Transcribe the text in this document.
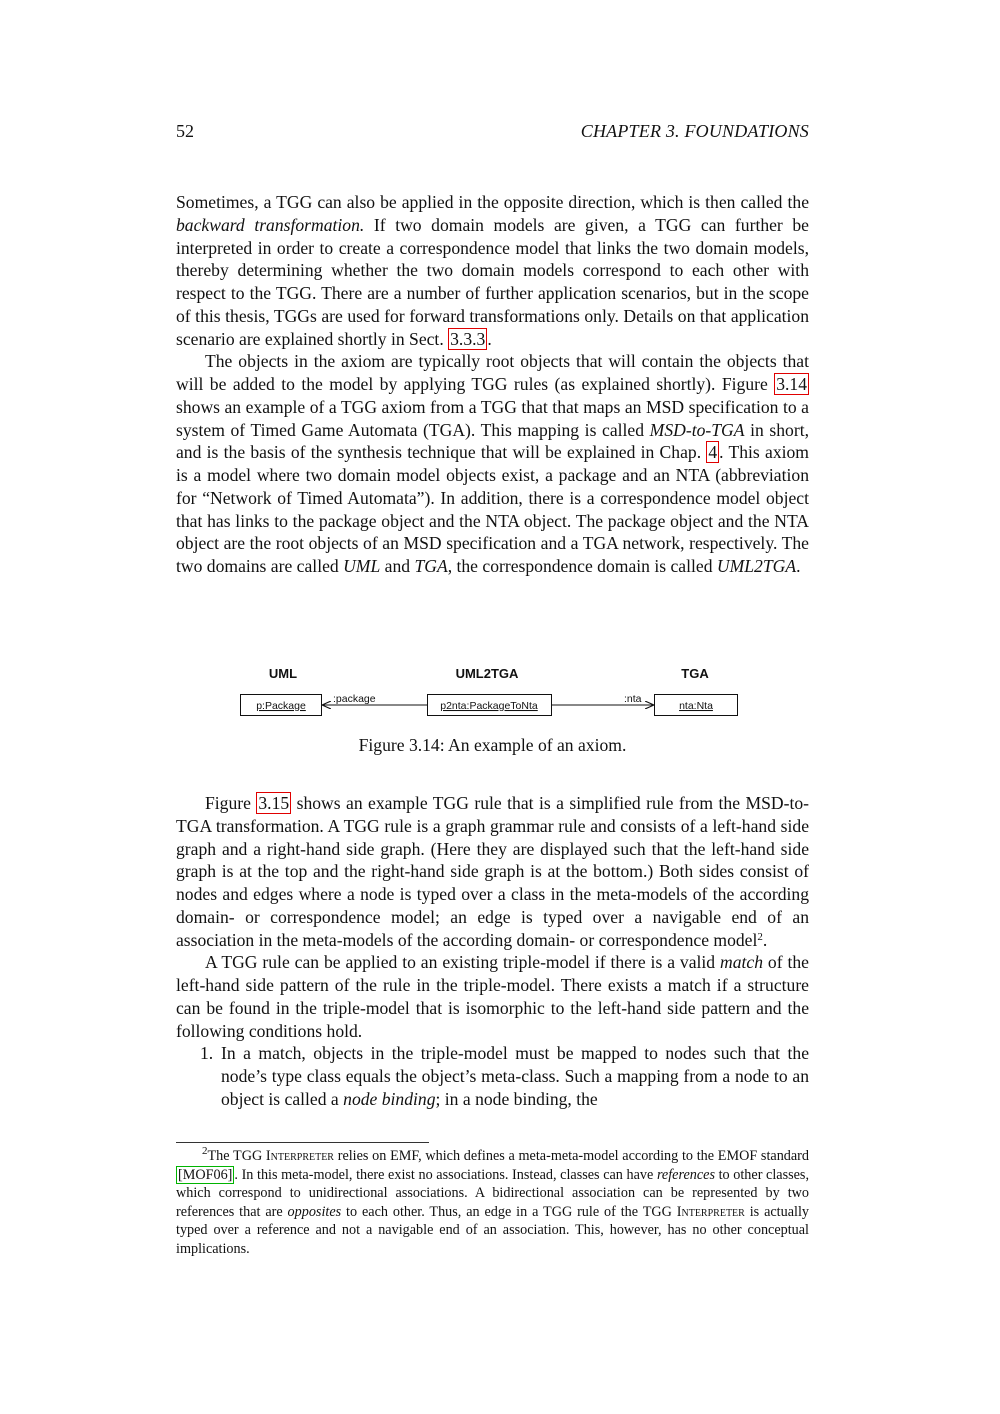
52	CHAPTER 3. FOUNDATIONS

Sometimes, a TGG can also be applied in the opposite direction, which is then called the backward transformation. If two domain models are given, a TGG can further be interpreted in order to create a correspondence model that links the two domain models, thereby determining whether the two domain models correspond to each other with respect to the TGG. There are a number of further application scenarios, but in the scope of this thesis, TGGs are used for forward transformations only. Details on that application scenario are explained shortly in Sect. 3.3.3 .

The objects in the axiom are typically root objects that will contain the objects that will be added to the model by applying TGG rules (as explained shortly). Figure 3.14 shows an example of a TGG axiom from a TGG that that maps an MSD specification to a system of Timed Game Automata (TGA). This mapping is called MSD-to-TGA in short, and is the basis of the synthesis technique that will be explained in Chap. 4 . This axiom is a model where two domain model objects exist, a package and an NTA (abbreviation for “Network of Timed Automata”). In addition, there is a correspondence model object that has links to the package object and the NTA object. The package object and the NTA object are the root objects of an MSD specification and a TGA network, respectively. The two domains are called UML and TGA, the correspondence domain is called UML2TGA.

UML	UML2TGA	TGA
p:Package	p2nta:PackageToNta	nta:Nta
:package	:nta
Figure 3.14: An example of an axiom.

Figure 3.15 shows an example TGG rule that is a simplified rule from the MSD-to-TGA transformation. A TGG rule is a graph grammar rule and consists of a left-hand side graph and a right-hand side graph. (Here they are displayed such that the left-hand side graph is at the top and the right-hand side graph is at the bottom.) Both sides consist of nodes and edges where a node is typed over a class in the meta-models of the according domain- or correspondence model; an edge is typed over a navigable end of an association in the meta-models of the according domain- or correspondence model$^2$.

A TGG rule can be applied to an existing triple-model if there is a valid match of the left-hand side pattern of the rule in the triple-model. There exists a match if a structure can be found in the triple-model that is isomorphic to the left-hand side pattern and the following conditions hold.

1. In a match, objects in the triple-model must be mapped to nodes such that the node’s type class equals the object’s meta-class. Such a mapping from a node to an object is called a node binding; in a node binding, the

$^2$The TGG Interpreter relies on EMF, which defines a meta-meta-model according to the EMOF standard [MOF06] . In this meta-model, there exist no associations. Instead, classes can have references to other classes, which correspond to unidirectional associations. A bidirectional association can be represented by two references that are opposites to each other. Thus, an edge in a TGG rule of the TGG Interpreter is actually typed over a reference and not a navigable end of an association. This, however, has no other conceptual implications.
